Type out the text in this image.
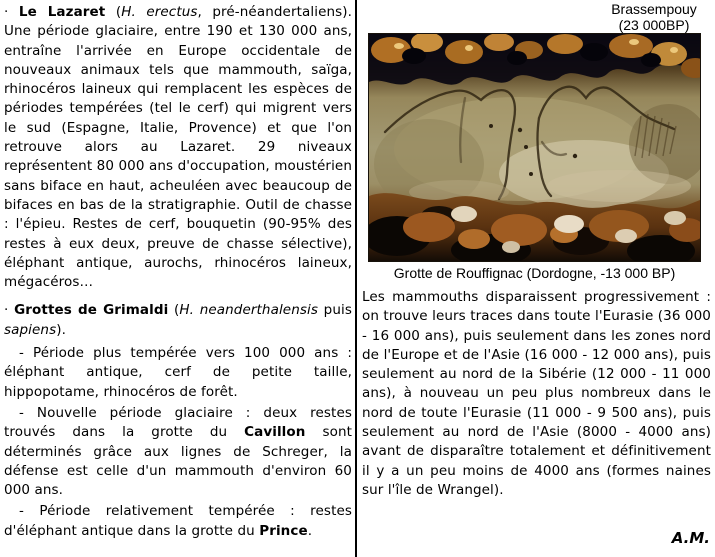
· Le Lazaret (H. erectus, pré-néandertaliens). Une période glaciaire, entre 190 et 130 000 ans, entraîne l'arrivée en Europe occidentale de nouveaux animaux tels que mammouth, saïga, rhinocéros laineux qui remplacent les espèces de périodes tempérées (tel le cerf) qui migrent vers le sud (Espagne, Italie, Provence) et que l'on retrouve alors au Lazaret. 29 niveaux représentent 80 000 ans d'occupation, moustérien sans biface en haut, acheuléen avec beaucoup de bifaces en bas de la stratigraphie. Outil de chasse : l'épieu. Restes de cerf, bouquetin (90-95% des restes à eux deux, preuve de chasse sélective), éléphant antique, aurochs, rhinocéros laineux, mégacéros…

· Grottes de Grimaldi (H. neanderthalensis puis sapiens).

- Période plus tempérée vers 100 000 ans : éléphant antique, cerf de petite taille, hippopotame, rhinocéros de forêt.

- Nouvelle période glaciaire : deux restes trouvés dans la grotte du Cavillon sont déterminés grâce aux lignes de Schreger, la défense est celle d'un mammouth d'environ 60 000 ans.

- Période relativement tempérée : restes d'éléphant antique dans la grotte du Prince.

Brassempouy
(23 000BP)
Grotte de Rouffignac (Dordogne, -13 000 BP)

Les mammouths disparaissent progressivement : on trouve leurs traces dans toute l'Eurasie (36 000 - 16 000 ans), puis seulement dans les zones nord de l'Europe et de l'Asie (16 000 - 12 000 ans), puis seulement au nord de la Sibérie (12 000 - 11 000 ans), à nouveau un peu plus nombreux dans le nord de toute l'Eurasie (11 000 - 9 500 ans), puis seulement au nord de l'Asie (8000 - 4000 ans) avant de disparaître totalement et définitivement il y a un peu moins de 4000 ans (formes naines sur l'île de Wrangel).

A.M.
